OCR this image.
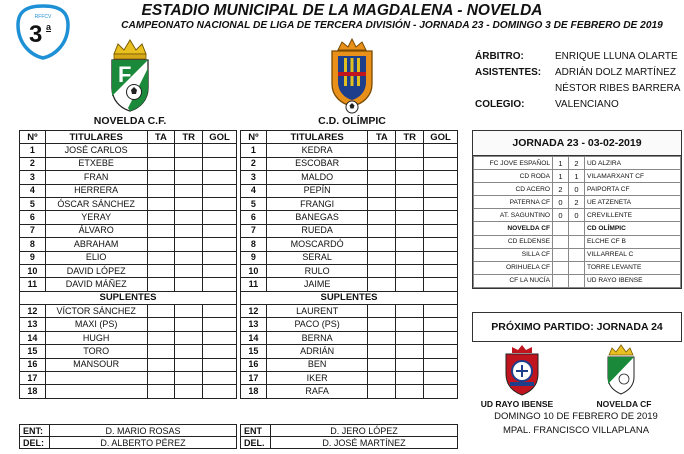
RFFCV
3 a
ESTADIO MUNICIPAL DE LA MAGDALENA - NOVELDA
CAMPEONATO NACIONAL DE LIGA DE TERCERA DIVISIÓN - JORNADA 23 - DOMINGO 3 DE FEBRERO DE 2019
F
NOVELDA C.F.	C.D. OLÍMPIC
ÁRBITRO:	ENRIQUE LLUNA OLARTE
ASISTENTES: ADRIÁN DOLZ MARTÍNEZ
NÉSTOR RIBES BARRERA
COLEGIO:	VALENCIANO
Nº	TITULARES	TA	TR	GOL
1	JOSÉ CARLOS			
2	ETXEBE			
3	FRAN			
4	HERRERA			
5	ÓSCAR SÁNCHEZ			
6	YERAY			
7	ÁLVARO			
8	ABRAHAM			
9	ELIO			
10	DAVID LÓPEZ			
11	DAVID MÁÑEZ			
SUPLENTES				
12	VÍCTOR SÁNCHEZ			
13	MAXI (PS)			
14	HUGH			
15	TORO			
16	MANSOUR			
17				
18				
Nº	TITULARES	TA	TR	GOL
1	KEDRA			
2	ESCOBAR			
3	MALDO			
4	PEPÍN			
5	FRANGI			
6	BANEGAS			
7	RUEDA			
8	MOSCARDÓ			
9	SERAL			
10	RULO			
11	JAIME			
SUPLENTES				
12	LAURENT			
13	PACO (PS)			
14	BERNA			
15	ADRIÁN			
16	BEN			
17	IKER			
18	RAFA			
ENT:	D. MARIO ROSAS
DEL:	D. ALBERTO PÉREZ
ENT	D. JERO LÓPEZ
DEL.	D. JOSÉ MARTÍNEZ
JORNADA 23 - 03-02-2019
FC JOVE ESPAÑOL	1	2	UD ALZIRA
CD RODA	1	1	VILAMARXANT CF
CD ACERO	2	0	PAIPORTA CF
PATERNA CF	0	2	UE ATZENETA
AT. SAGUNTINO	0	0	CREVILLENTE
NOVELDA CF			CD OLÍMPIC
CD ELDENSE			ELCHE CF B
SILLA CF			VILLARREAL C
ORIHUELA CF			TORRE LEVANTE
CF LA NUCÍA			UD RAYO IBENSE
PRÓXIMO PARTIDO: JORNADA 24
UD RAYO IBENSE	NOVELDA CF
DOMINGO 10 DE FEBRERO DE 2019
MPAL. FRANCISCO VILLAPLANA
